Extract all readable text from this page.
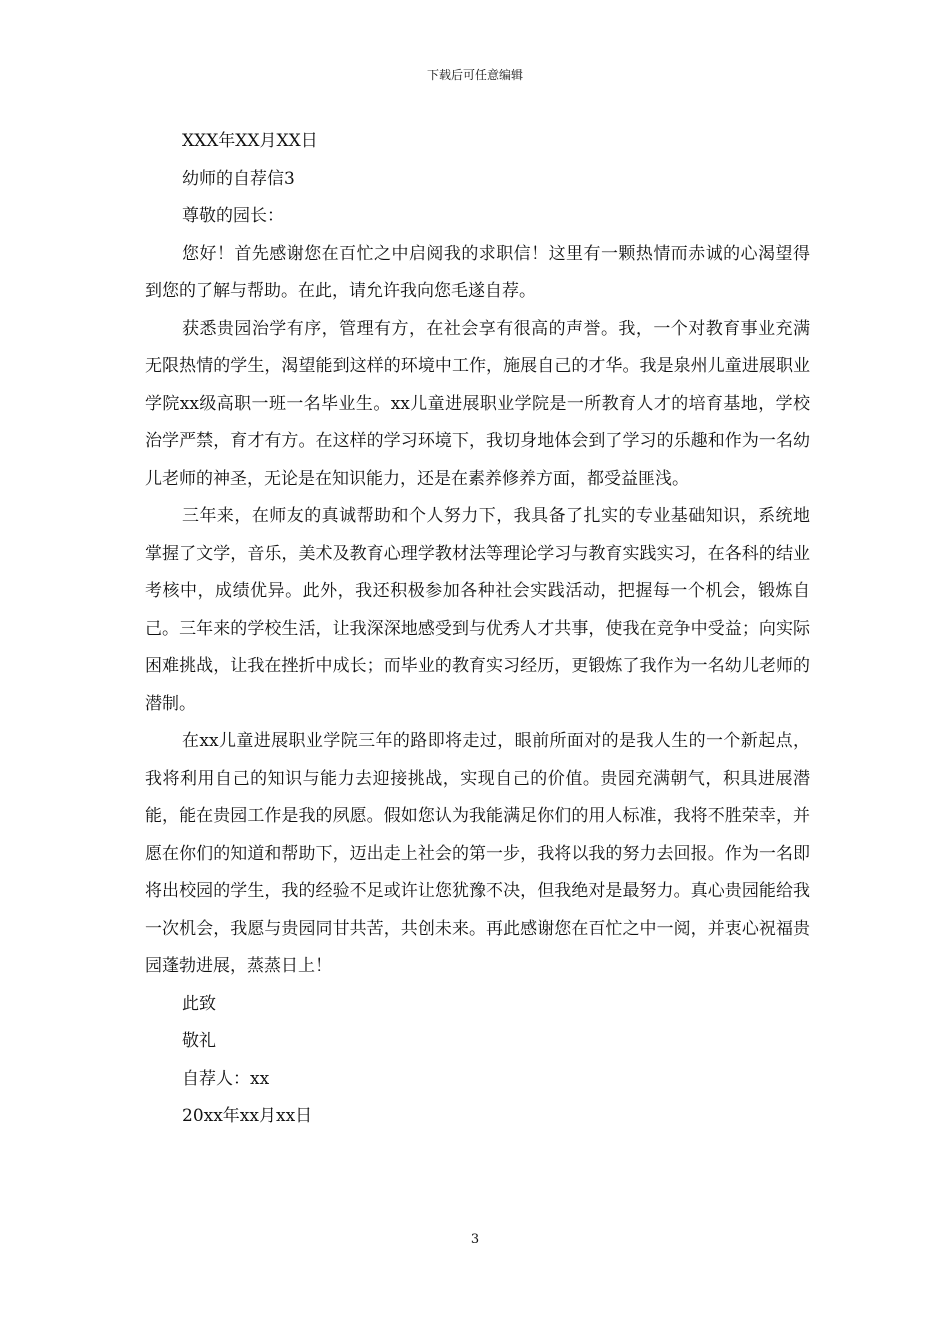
下载后可任意编辑
XXX年XX月XX日
幼师的自荐信3
尊敬的园长：

您好！首先感谢您在百忙之中启阅我的求职信！这里有一颗热情而赤诚的心渴望得到您的了解与帮助。在此，请允许我向您毛遂自荐。

获悉贵园治学有序，管理有方，在社会享有很高的声誉。我，一个对教育事业充满无限热情的学生，渴望能到这样的环境中工作，施展自己的才华。我是泉州儿童进展职业学院xx级高职一班一名毕业生。xx儿童进展职业学院是一所教育人才的培育基地，学校治学严禁，育才有方。在这样的学习环境下，我切身地体会到了学习的乐趣和作为一名幼儿老师的神圣，无论是在知识能力，还是在素养修养方面，都受益匪浅。

三年来，在师友的真诚帮助和个人努力下，我具备了扎实的专业基础知识，系统地掌握了文学，音乐，美术及教育心理学教材法等理论学习与教育实践实习，在各科的结业考核中，成绩优异。此外，我还积极参加各种社会实践活动，把握每一个机会，锻炼自己。三年来的学校生活，让我深深地感受到与优秀人才共事，使我在竞争中受益；向实际困难挑战，让我在挫折中成长；而毕业的教育实习经历，更锻炼了我作为一名幼儿老师的潜制。

在xx儿童进展职业学院三年的路即将走过，眼前所面对的是我人生的一个新起点，我将利用自己的知识与能力去迎接挑战，实现自己的价值。贵园充满朝气，积具进展潜能，能在贵园工作是我的夙愿。假如您认为我能满足你们的用人标准，我将不胜荣幸，并愿在你们的知道和帮助下，迈出走上社会的第一步，我将以我的努力去回报。作为一名即将出校园的学生，我的经验不足或许让您犹豫不决，但我绝对是最努力。真心贵园能给我一次机会，我愿与贵园同甘共苦，共创未来。再此感谢您在百忙之中一阅，并衷心祝福贵园蓬勃进展，蒸蒸日上！

此致
敬礼
自荐人：xx
20xx年xx月xx日
3
